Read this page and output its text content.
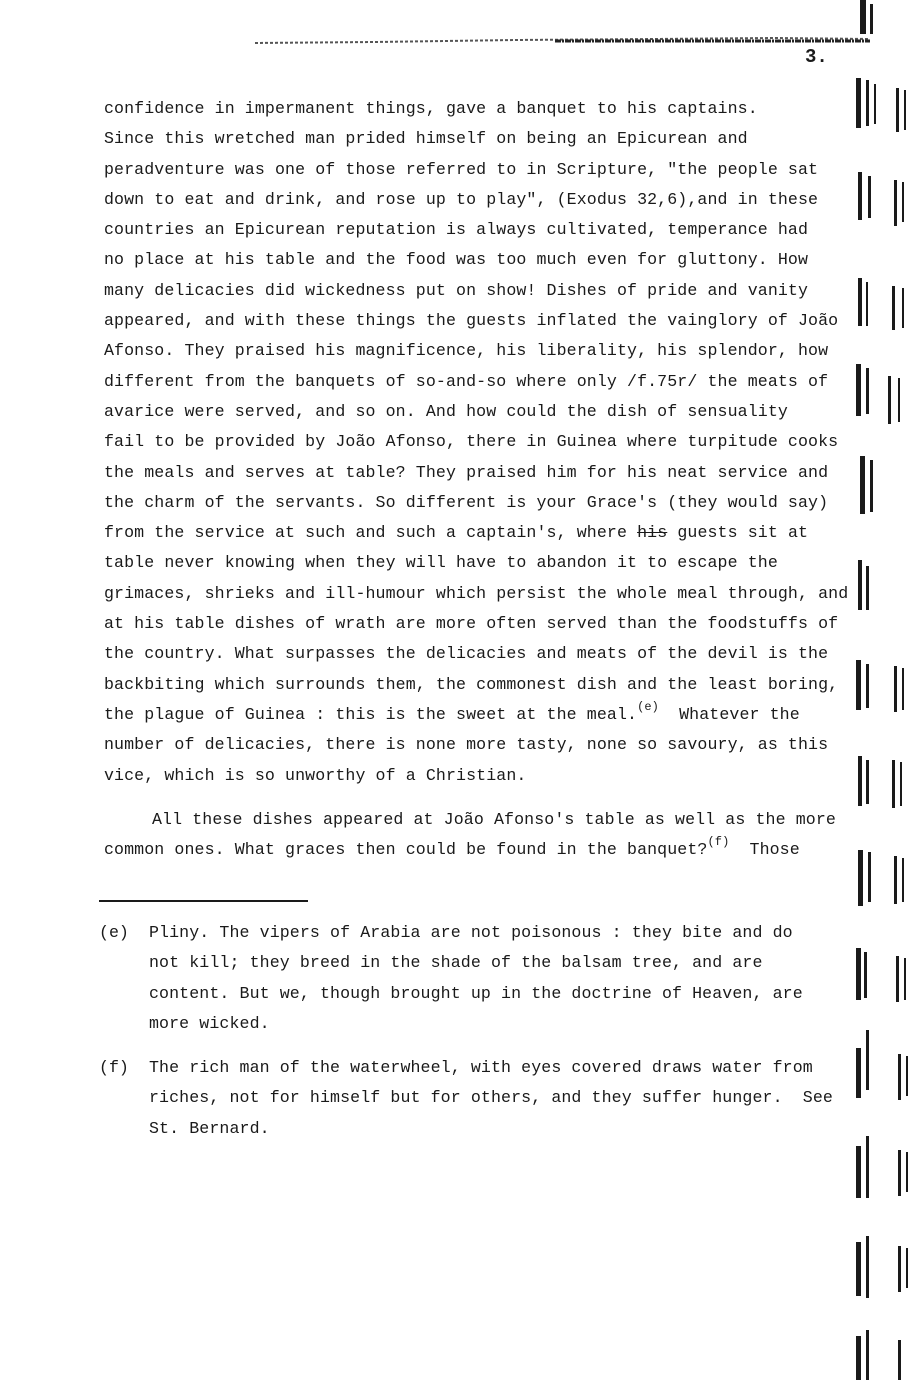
3.
confidence in impermanent things, gave a banquet to his captains.
Since this wretched man prided himself on being an Epicurean and
peradventure was one of those referred to in Scripture, "the people sat
down to eat and drink, and rose up to play", (Exodus 32,6),and in these
countries an Epicurean reputation is always cultivated, temperance had
no place at his table and the food was too much even for gluttony. How
many delicacies did wickedness put on show! Dishes of pride and vanity
appeared, and with these things the guests inflated the vainglory of João
Afonso. They praised his magnificence, his liberality, his splendor, how
different from the banquets of so-and-so where only /f.75r/ the meats of
avarice were served, and so on. And how could the dish of sensuality
fail to be provided by João Afonso, there in Guinea where turpitude cooks
the meals and serves at table? They praised him for his neat service and
the charm of the servants. So different is your Grace's (they would say)
from the service at such and such a captain's, where his guests sit at
table never knowing when they will have to abandon it to escape the
grimaces, shrieks and ill-humour which persist the whole meal through, and
at his table dishes of wrath are more often served than the foodstuffs of
the country. What surpasses the delicacies and meats of the devil is the
backbiting which surrounds them, the commonest dish and the least boring,
the plague of Guinea : this is the sweet at the meal.$^{(e)}$  Whatever the
number of delicacies, there is none more tasty, none so savoury, as this
vice, which is so unworthy of a Christian.
All these dishes appeared at João Afonso's table as well as the more
common ones. What graces then could be found in the banquet?$^{(f)}$  Those
(e) Pliny. The vipers of Arabia are not poisonous : they bite and do
not kill; they breed in the shade of the balsam tree, and are
content. But we, though brought up in the doctrine of Heaven, are
more wicked.
(f) The rich man of the waterwheel, with eyes covered draws water from
riches, not for himself but for others, and they suffer hunger.  See
St. Bernard.
